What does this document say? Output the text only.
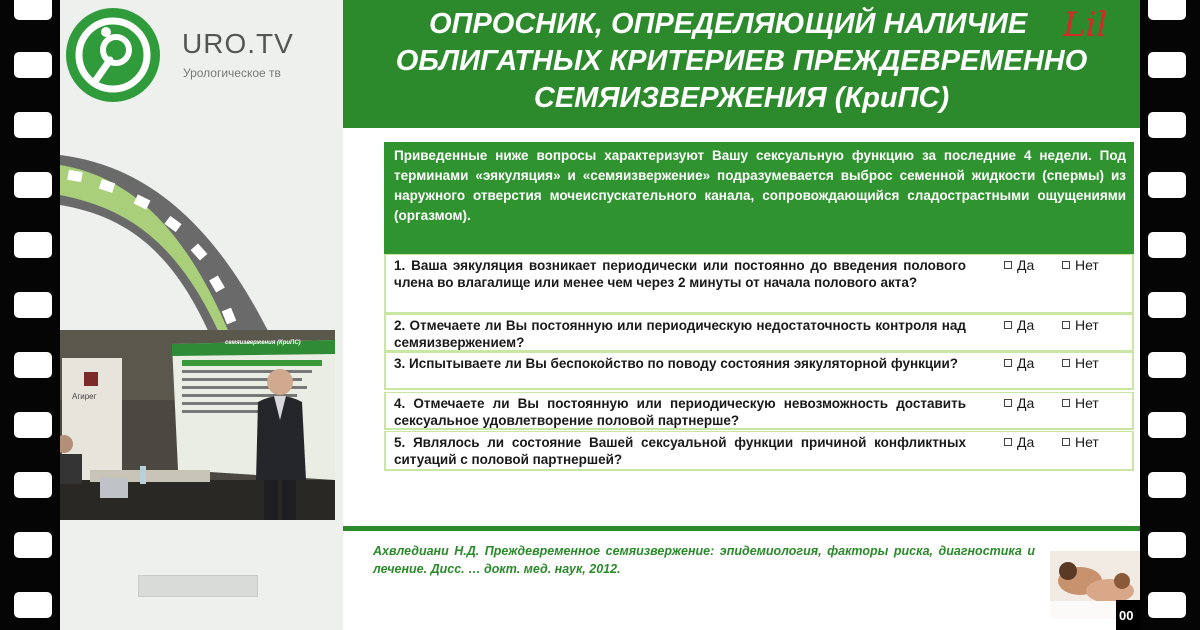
URO.TV
Урологическое тв
семяизвержения (КриПС)
Агирег
ОПРОСНИК, ОПРЕДЕЛЯЮЩИЙ НАЛИЧИЕ
ОБЛИГАТНЫХ КРИТЕРИЕВ ПРЕЖДЕВРЕМЕННО
СЕМЯИЗВЕРЖЕНИЯ (КриПС)
Lil
Приведенные ниже вопросы характеризуют Вашу сексуальную функцию за последние 4 недели. Под терминами «эякуляция» и «семяизвержение» подразумевается выброс семенной жидкости (спермы) из наружного отверстия мочеиспускательного канала, сопровождающийся сладострастными ощущениями (оргазмом).
1. Ваша эякуляция возникает периодически или постоянно до введения полового члена во влагалище или менее чем через 2 минуты от начала полового акта?
Да	Нет
2. Отмечаете ли Вы постоянную или периодическую недостаточность контроля над семяизвержением?
Да	Нет
3. Испытываете ли Вы беспокойство по поводу состояния эякуляторной функции?	Да	Нет
4. Отмечаете ли Вы постоянную или периодическую невозможность доставить сексуальное удовлетворение половой партнерше?
Да	Нет
5. Являлось ли состояние Вашей сексуальной функции причиной конфликтных ситуаций с половой партнершей?
Да	Нет
Ахвледиани Н.Д. Преждевременное семяизвержение: эпидемиология, факторы риска, диагностика и лечение. Дисс. … докт. мед. наук, 2012.
00
